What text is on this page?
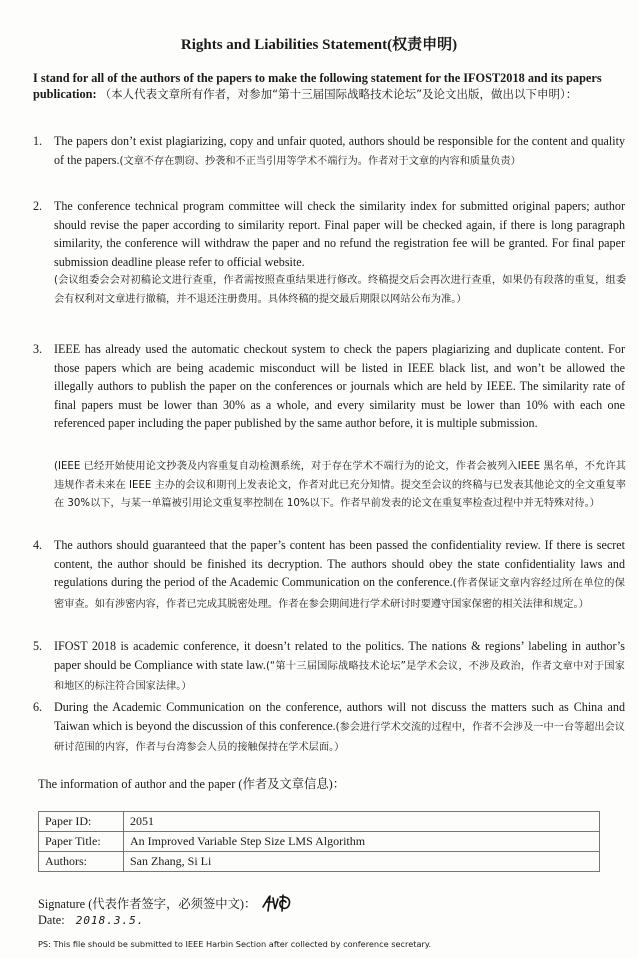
Rights and Liabilities Statement(权责申明)
I stand for all of the authors of the papers to make the following statement for the IFOST2018 and its papers publication: （本人代表文章所有作者，对参加“第十三届国际战略技术论坛”及论文出版，做出以下申明）：
1. The papers don’t exist plagiarizing, copy and unfair quoted, authors should be responsible for the content and quality of the papers.(文章不存在剽窃、抄袭和不正当引用等学术不端行为。作者对于文章的内容和质量负责）
2. The conference technical program committee will check the similarity index for submitted original papers; author should revise the paper according to similarity report. Final paper will be checked again, if there is long paragraph similarity, the conference will withdraw the paper and no refund the registration fee will be granted. For final paper submission deadline please refer to official website.
(会议组委会会对初稿论文进行查重，作者需按照查重结果进行修改。终稿提交后会再次进行查重，如果仍有段落的重复，组委会有权利对文章进行撤稿，并不退还注册费用。具体终稿的提交最后期限以网站公布为准。）
3. IEEE has already used the automatic checkout system to check the papers plagiarizing and duplicate content. For those papers which are being academic misconduct will be listed in IEEE black list, and won’t be allowed the illegally authors to publish the paper on the conferences or journals which are held by IEEE. The similarity rate of final papers must be lower than 30% as a whole, and every similarity must be lower than 10% with each one referenced paper including the paper published by the same author before, it is multiple submission.
(IEEE 已经开始使用论文抄袭及内容重复自动检测系统，对于存在学术不端行为的论文，作者会被列入IEEE 黑名单，不允许其违规作者未来在 IEEE 主办的会议和期刊上发表论文，作者对此已充分知情。提交至会议的终稿与已发表其他论文的全文重复率在 30%以下，与某一单篇被引用论文重复率控制在 10%以下。作者早前发表的论文在重复率检查过程中并无特殊对待。）
4. The authors should guaranteed that the paper’s content has been passed the confidentiality review. If there is secret content, the author should be finished its decryption. The authors should obey the state confidentiality laws and regulations during the period of the Academic Communication on the conference.(作者保证文章内容经过所在单位的保密审查。如有涉密内容，作者已完成其脱密处理。作者在参会期间进行学术研讨时要遵守国家保密的相关法律和规定。）
5. IFOST 2018 is academic conference, it doesn’t related to the politics. The nations & regions’ labeling in author’s paper should be Compliance with state law.(“第十三届国际战略技术论坛”是学术会议，不涉及政治，作者文章中对于国家和地区的标注符合国家法律。）
6. During the Academic Communication on the conference, authors will not discuss the matters such as China and Taiwan which is beyond the discussion of this conference.(参会进行学术交流的过程中，作者不会涉及一中一台等超出会议研讨范围的内容，作者与台湾参会人员的接触保持在学术层面。）
The information of author and the paper (作者及文章信息)：
Paper ID:	2051
Paper Title:	An Improved Variable Step Size LMS Algorithm
Authors:	San Zhang, Si Li
Signature (代表作者签字，必须签中文)：
Date: 2018.3.5.
PS: This file should be submitted to IEEE Harbin Section after collected by conference secretary.
